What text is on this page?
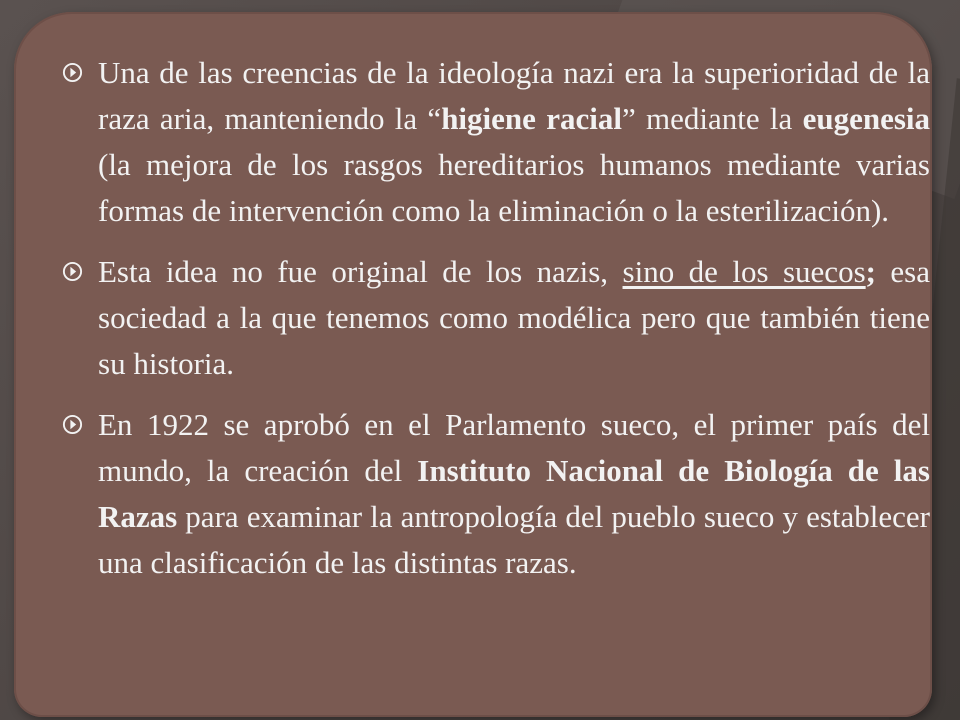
Una de las creencias de la ideología nazi era la superioridad de la raza aria, manteniendo la “higiene racial” mediante la eugenesia (la mejora de los rasgos hereditarios humanos mediante varias formas de intervención como la eliminación o la esterilización).

Esta idea no fue original de los nazis, sino de los suecos; esa sociedad a la que tenemos como modélica pero que también tiene su historia.

En 1922 se aprobó en el Parlamento sueco, el primer país del mundo, la creación del Instituto Nacional de Biología de las Razas para examinar la antropología del pueblo sueco y establecer una clasificación de las distintas razas.
